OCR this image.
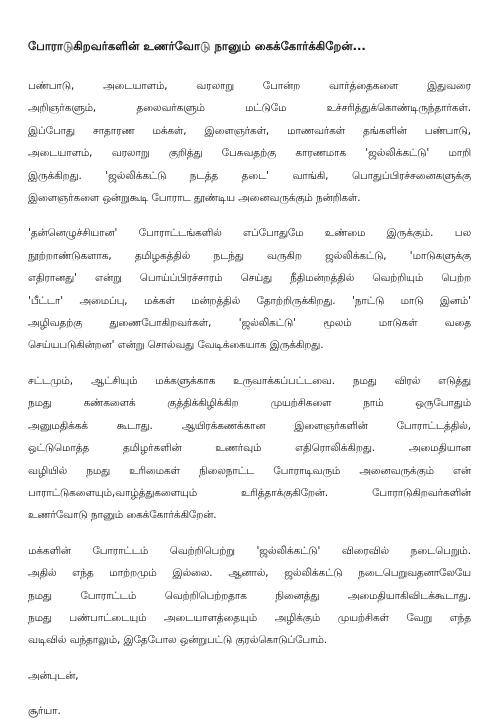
போராடுகிறவர்களின் உணர்வோடு நானும் கைக்கோர்க்கிறேன்...
பண்பாடு, அடையாளம், வரலாறு போன்ற வார்த்தைகளை இதுவரை
அறிஞர்களும், தலைவர்களும் மட்டுமே உச்சரித்துக்கொண்டிருந்தார்கள்.
இப்போது சாதாரண மக்கள், இளைஞர்கள், மாணவர்கள் தங்களின் பண்பாடு,
அடையாளம், வரலாறு குறித்து பேசுவதற்கு காரணமாக 'ஜல்லிக்கட்டு' மாறி
இருக்கிறது. 'ஜல்லிக்கட்டு நடத்த தடை' வாங்கி, பொதுப்பிரச்சனைகளுக்கு
இளைஞர்களை ஒன்றுகூடி போராட தூண்டிய அனைவருக்கும் நன்றிகள்.
'தன்னெழுச்சியான' போராட்டங்களில் எப்போதுமே உண்மை இருக்கும். பல
நூற்றாண்டுகளாக, தமிழகத்தில் நடந்து வருகிற ஜல்லிக்கட்டு, 'மாடுகளுக்கு
எதிரானது' என்று பொய்ப்பிரச்சாரம் செய்து நீதிமன்றத்தில் வெற்றியும் பெற்ற
'பீட்டா' அமைப்பு, மக்கள் மன்றத்தில் தோற்றிருக்கிறது. 'நாட்டு மாடு இனம்'
அழிவதற்கு துணைபோகிறவர்கள், 'ஜல்லிகட்டு' மூலம் மாடுகள் வதை
செய்யபடுகின்றன' என்று சொல்வது வேடிக்கையாக இருக்கிறது.
சட்டமும், ஆட்சியும் மக்களுக்காக உருவாக்கப்பட்டவை. நமது விரல் எடுத்து
நமது கண்களைக் குத்திக்கிழிக்கிற முயற்சிகளை நாம் ஒருபோதும்
அனுமதிக்கக் கூடாது. ஆயிரக்கணக்கான இளைஞர்களின் போராட்டத்தில்,
ஒட்டுமொத்த தமிழர்களின் உணர்வும் எதிரொலிக்கிறது. அமைதியான
வழியில் நமது உரிமைகள் நிலைநாட்ட போராடிவரும் அனைவருக்கும் என்
பாராட்டுகளையும்,வாழ்த்துகளையும் உரித்தாக்குகிறேன். போராடுகிறவர்களின்
உணர்வோடு நானும் கைக்கோர்க்கிறேன்.
மக்களின் போராட்டம் வெற்றிபெற்று 'ஜல்லிக்கட்டு' விரைவில் நடைபெறும்.
அதில் எந்த மாற்றமும் இல்லை. ஆனால், ஜல்லிக்கட்டு நடைபெறுவதனாலேயே
நமது போராட்டம் வெற்றிபெற்றதாக நினைத்து அமைதியாகிவிடக்கூடாது.
நமது பண்பாட்டையும் அடையாளத்தையும் அழிக்கும் முயற்சிகள் வேறு எந்த
வடிவில் வந்தாலும், இதேபோல ஒன்றுபட்டு குரல்கொடுப்போம்.
அன்புடன்,
சூர்யா.
